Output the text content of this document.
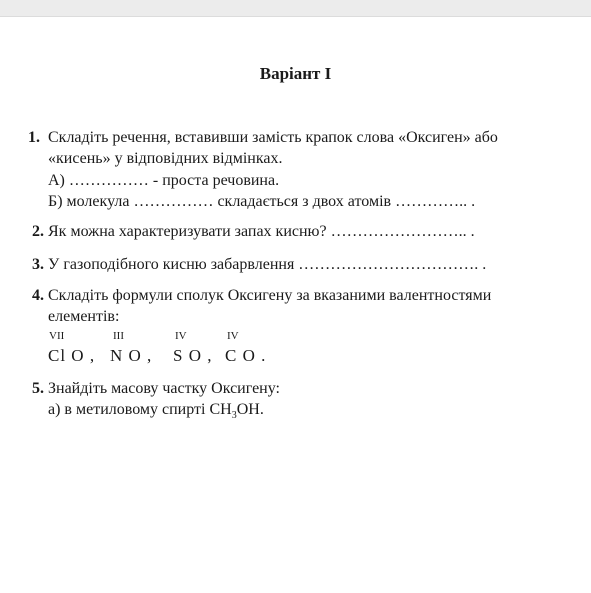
Варіант І
1. Складіть речення, вставивши замість крапок слова «Оксиген» або
«кисень» у відповідних відмінках.
А) …………… - проста речовина.
Б) молекула …………… складається з двох атомів ………….. .
2. Як можна характеризувати запах кисню? …………………….. .
3. У газоподібного кисню забарвлення ……………………………. .
4. Складіть формули сполук Оксигену за вказаними валентностями
елементів:
VII	III	IV	IV
Cl O , N O , S O , C O .
5. Знайдіть масову частку Оксигену:
а) в метиловому спирті $CH_3OH$.
